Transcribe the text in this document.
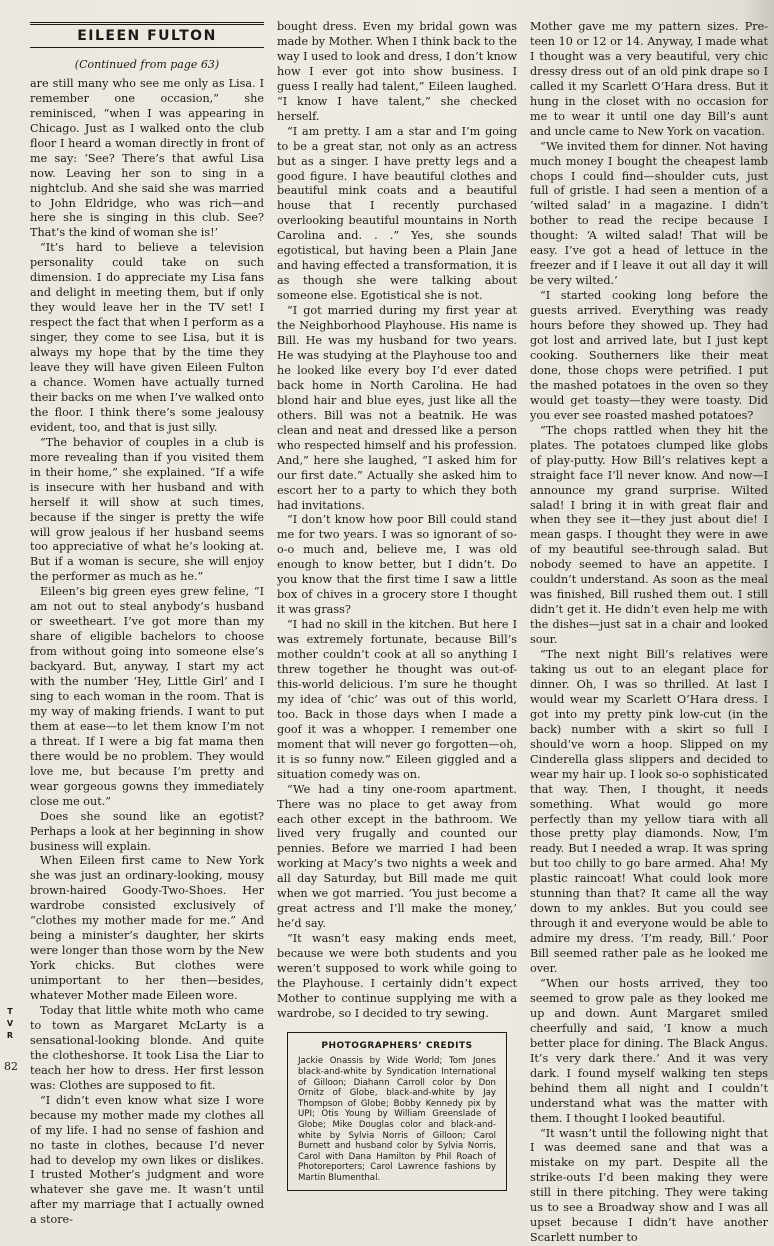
EILEEN FULTON

(Continued from page 63)

are still many who see me only as Lisa. I remember one occasion,” she reminisced, “when I was appearing in Chicago. Just as I walked onto the club floor I heard a woman directly in front of me say: ‘See? There’s that awful Lisa now. Leaving her son to sing in a nightclub. And she said she was married to John Eldridge, who was rich—and here she is singing in this club. See? That’s the kind of woman she is!’

“It’s hard to believe a television personality could take on such dimension. I do appreciate my Lisa fans and delight in meeting them, but if only they would leave her in the TV set! I respect the fact that when I perform as a singer, they come to see Lisa, but it is always my hope that by the time they leave they will have given Eileen Fulton a chance. Women have actually turned their backs on me when I’ve walked onto the floor. I think there’s some jealousy evident, too, and that is just silly.

“The behavior of couples in a club is more revealing than if you visited them in their home,” she explained. “If a wife is insecure with her husband and with herself it will show at such times, because if the singer is pretty the wife will grow jealous if her husband seems too appreciative of what he’s looking at. But if a woman is secure, she will enjoy the performer as much as he.”

Eileen’s big green eyes grew feline, “I am not out to steal anybody’s husband or sweetheart. I’ve got more than my share of eligible bachelors to choose from without going into someone else’s backyard. But, anyway, I start my act with the number ‘Hey, Little Girl’ and I sing to each woman in the room. That is my way of making friends. I want to put them at ease—to let them know I’m not a threat. If I were a big fat mama then there would be no problem. They would love me, but because I’m pretty and wear gorgeous gowns they immediately close me out.”

Does she sound like an egotist? Perhaps a look at her beginning in show business will explain.

When Eileen first came to New York she was just an ordinary-looking, mousy brown-haired Goody-Two-Shoes. Her wardrobe consisted exclusively of “clothes my mother made for me.” And being a minister’s daughter, her skirts were longer than those worn by the New York chicks. But clothes were unimportant to her then—besides, whatever Mother made Eileen wore.

Today that little white moth who came to town as Margaret McLarty is a sensational-looking blonde. And quite the clotheshorse. It took Lisa the Liar to teach her how to dress. Her first lesson was: Clothes are supposed to fit.

“I didn’t even know what size I wore because my mother made my clothes all of my life. I had no sense of fashion and no taste in clothes, because I’d never had to develop my own likes or dislikes. I trusted Mother’s judgment and wore whatever she gave me. It wasn’t until after my marriage that I actually owned a store-

bought dress. Even my bridal gown was made by Mother. When I think back to the way I used to look and dress, I don’t know how I ever got into show business. I guess I really had talent,” Eileen laughed. “I know I have talent,” she checked herself.

“I am pretty. I am a star and I’m going to be a great star, not only as an actress but as a singer. I have pretty legs and a good figure. I have beautiful clothes and beautiful mink coats and a beautiful house that I recently purchased overlooking beautiful mountains in North Carolina and. . .” Yes, she sounds egotistical, but having been a Plain Jane and having effected a transformation, it is as though she were talking about someone else. Egotistical she is not.

“I got married during my first year at the Neighborhood Playhouse. His name is Bill. He was my husband for two years. He was studying at the Playhouse too and he looked like every boy I’d ever dated back home in North Carolina. He had blond hair and blue eyes, just like all the others. Bill was not a beatnik. He was clean and neat and dressed like a person who respected himself and his profession. And,” here she laughed, “I asked him for our first date.” Actually she asked him to escort her to a party to which they both had invitations.

“I don’t know how poor Bill could stand me for two years. I was so ignorant of so-o-o much and, believe me, I was old enough to know better, but I didn’t. Do you know that the first time I saw a little box of chives in a grocery store I thought it was grass?

“I had no skill in the kitchen. But here I was extremely fortunate, because Bill’s mother couldn’t cook at all so anything I threw together he thought was out-of-this-world delicious. I’m sure he thought my idea of ‘chic’ was out of this world, too. Back in those days when I made a goof it was a whopper. I remember one moment that will never go forgotten—oh, it is so funny now.” Eileen giggled and a situation comedy was on.

“We had a tiny one-room apartment. There was no place to get away from each other except in the bathroom. We lived very frugally and counted our pennies. Before we married I had been working at Macy’s two nights a week and all day Saturday, but Bill made me quit when we got married. ‘You just become a great actress and I’ll make the money,’ he’d say.

“It wasn’t easy making ends meet, because we were both students and you weren’t supposed to work while going to the Playhouse. I certainly didn’t expect Mother to continue supplying me with a wardrobe, so I decided to try sewing.

PHOTOGRAPHERS’ CREDITS
Jackie Onassis by Wide World; Tom Jones black-and-white by Syndication International of Gilloon; Diahann Carroll color by Don Ornitz of Globe, black-and-white by Jay Thompson of Globe; Bobby Kennedy pix by UPI; Otis Young by William Greenslade of Globe; Mike Douglas color and black-and-white by Sylvia Norris of Gilloon; Carol Burnett and husband color by Sylvia Norris, Carol with Dana Hamilton by Phil Roach of Photoreporters; Carol Lawrence fashions by Martin Blumenthal.

Mother gave me my pattern sizes. Pre-teen 10 or 12 or 14. Anyway, I made what I thought was a very beautiful, very chic dressy dress out of an old pink drape so I called it my Scarlett O’Hara dress. But it hung in the closet with no occasion for me to wear it until one day Bill’s aunt and uncle came to New York on vacation.

“We invited them for dinner. Not having much money I bought the cheapest lamb chops I could find—shoulder cuts, just full of gristle. I had seen a mention of a ‘wilted salad’ in a magazine. I didn’t bother to read the recipe because I thought: ‘A wilted salad! That will be easy. I’ve got a head of lettuce in the freezer and if I leave it out all day it will be very wilted.’

“I started cooking long before the guests arrived. Everything was ready hours before they showed up. They had got lost and arrived late, but I just kept cooking. Southerners like their meat done, those chops were petrified. I put the mashed potatoes in the oven so they would get toasty—they were toasty. Did you ever see roasted mashed potatoes?

“The chops rattled when they hit the plates. The potatoes clumped like globs of play-putty. How Bill’s relatives kept a straight face I’ll never know. And now—I announce my grand surprise. Wilted salad! I bring it in with great flair and when they see it—they just about die! I mean gasps. I thought they were in awe of my beautiful see-through salad. But nobody seemed to have an appetite. I couldn’t understand. As soon as the meal was finished, Bill rushed them out. I still didn’t get it. He didn’t even help me with the dishes—just sat in a chair and looked sour.

“The next night Bill’s relatives were taking us out to an elegant place for dinner. Oh, I was so thrilled. At last I would wear my Scarlett O’Hara dress. I got into my pretty pink low-cut (in the back) number with a skirt so full I should’ve worn a hoop. Slipped on my Cinderella glass slippers and decided to wear my hair up. I look so-o sophisticated that way. Then, I thought, it needs something. What would go more perfectly than my yellow tiara with all those pretty play diamonds. Now, I’m ready. But I needed a wrap. It was spring but too chilly to go bare armed. Aha! My plastic raincoat! What could look more stunning than that? It came all the way down to my ankles. But you could see through it and everyone would be able to admire my dress. ‘I’m ready, Bill.’ Poor Bill seemed rather pale as he looked me over.

“When our hosts arrived, they too seemed to grow pale as they looked me up and down. Aunt Margaret smiled cheerfully and said, ‘I know a much better place for dining. The Black Angus. It’s very dark there.’ And it was very dark. I found myself walking ten steps behind them all night and I couldn’t understand what was the matter with them. I thought I looked beautiful.

“It wasn’t until the following night that I was deemed sane and that was a mistake on my part. Despite all the strike-outs I’d been making they were still in there pitching. They were taking us to see a Broadway show and I was all upset because I didn’t have another Scarlett number to

T
V
R
82
